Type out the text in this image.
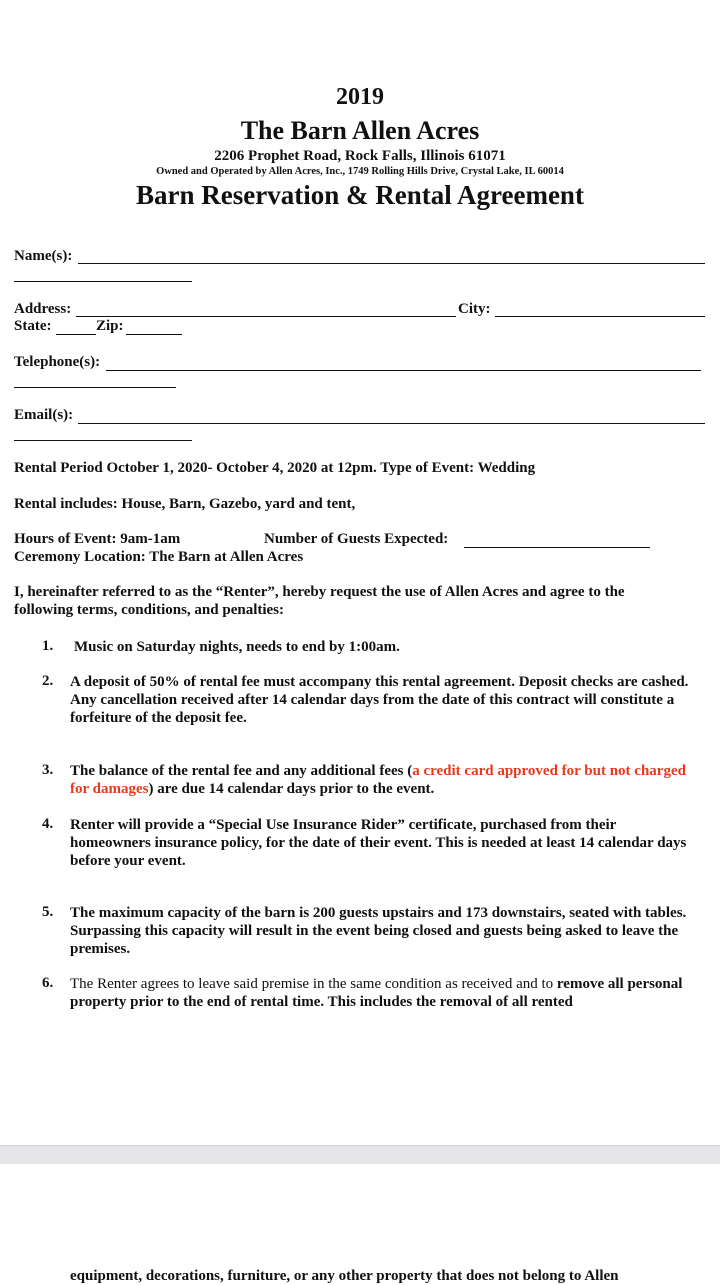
2019
The Barn Allen Acres
2206 Prophet Road, Rock Falls, Illinois 61071
Owned and Operated by Allen Acres, Inc., 1749 Rolling Hills Drive, Crystal Lake, IL 60014
Barn Reservation & Rental Agreement
Name(s):
Address:	City:
State:	Zip:
Telephone(s):
Email(s):
Rental Period October 1, 2020- October 4, 2020 at 12pm. Type of Event: Wedding
Rental includes: House, Barn, Gazebo, yard and tent,
Hours of Event: 9am-1am	Number of Guests Expected:
Ceremony Location: The Barn at Allen Acres
I, hereinafter referred to as the “Renter”, hereby request the use of Allen Acres and agree to the
following terms, conditions, and penalties:
1. Music on Saturday nights, needs to end by 1:00am.
2. A deposit of 50% of rental fee must accompany this rental agreement. Deposit checks are cashed. Any cancellation received after 14 calendar days from the date of this contract will constitute a forfeiture of the deposit fee.
3. The balance of the rental fee and any additional fees (a credit card approved for but not charged for damages) are due 14 calendar days prior to the event.
4. Renter will provide a “Special Use Insurance Rider” certificate, purchased from their homeowners insurance policy, for the date of their event. This is needed at least 14 calendar days before your event.
5. The maximum capacity of the barn is 200 guests upstairs and 173 downstairs, seated with tables. Surpassing this capacity will result in the event being closed and guests being asked to leave the premises.
6. The Renter agrees to leave said premise in the same condition as received and to remove all personal property prior to the end of rental time. This includes the removal of all rented
equipment, decorations, furniture, or any other property that does not belong to Allen
